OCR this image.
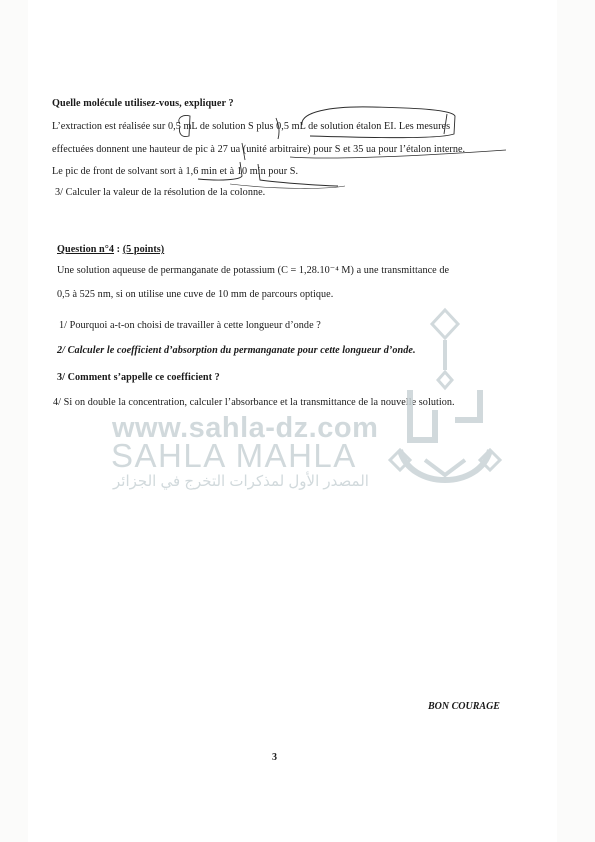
Quelle molécule utilisez-vous, expliquer ?
L’extraction est réalisée sur 0,5 mL de solution S plus 0,5 mL de solution étalon EI. Les mesures
effectuées donnent une hauteur de pic à 27 ua (unité arbitraire) pour S et 35 ua pour l’étalon interne.
Le pic de front de solvant sort à 1,6 min et à 10 min pour S.
3/ Calculer la valeur de la résolution de la colonne.
Question n°4 : (5 points)
Une solution aqueuse de permanganate de potassium (C = 1,28.10⁻⁴ M) a une transmittance de
0,5 à 525 nm, si on utilise une cuve de 10 mm de parcours optique.
1/ Pourquoi a-t-on choisi de travailler à cette longueur d’onde ?
2/ Calculer le coefficient d’absorption du permanganate pour cette longueur d’onde.
3/ Comment s’appelle ce coefficient ?
4/ Si on double la concentration, calculer l’absorbance et la transmittance de la nouvelle solution.
www.sahla-dz.com
SAHLA MAHLA
المصدر الأول لمذكرات التخرج في الجزائر
BON COURAGE
3
